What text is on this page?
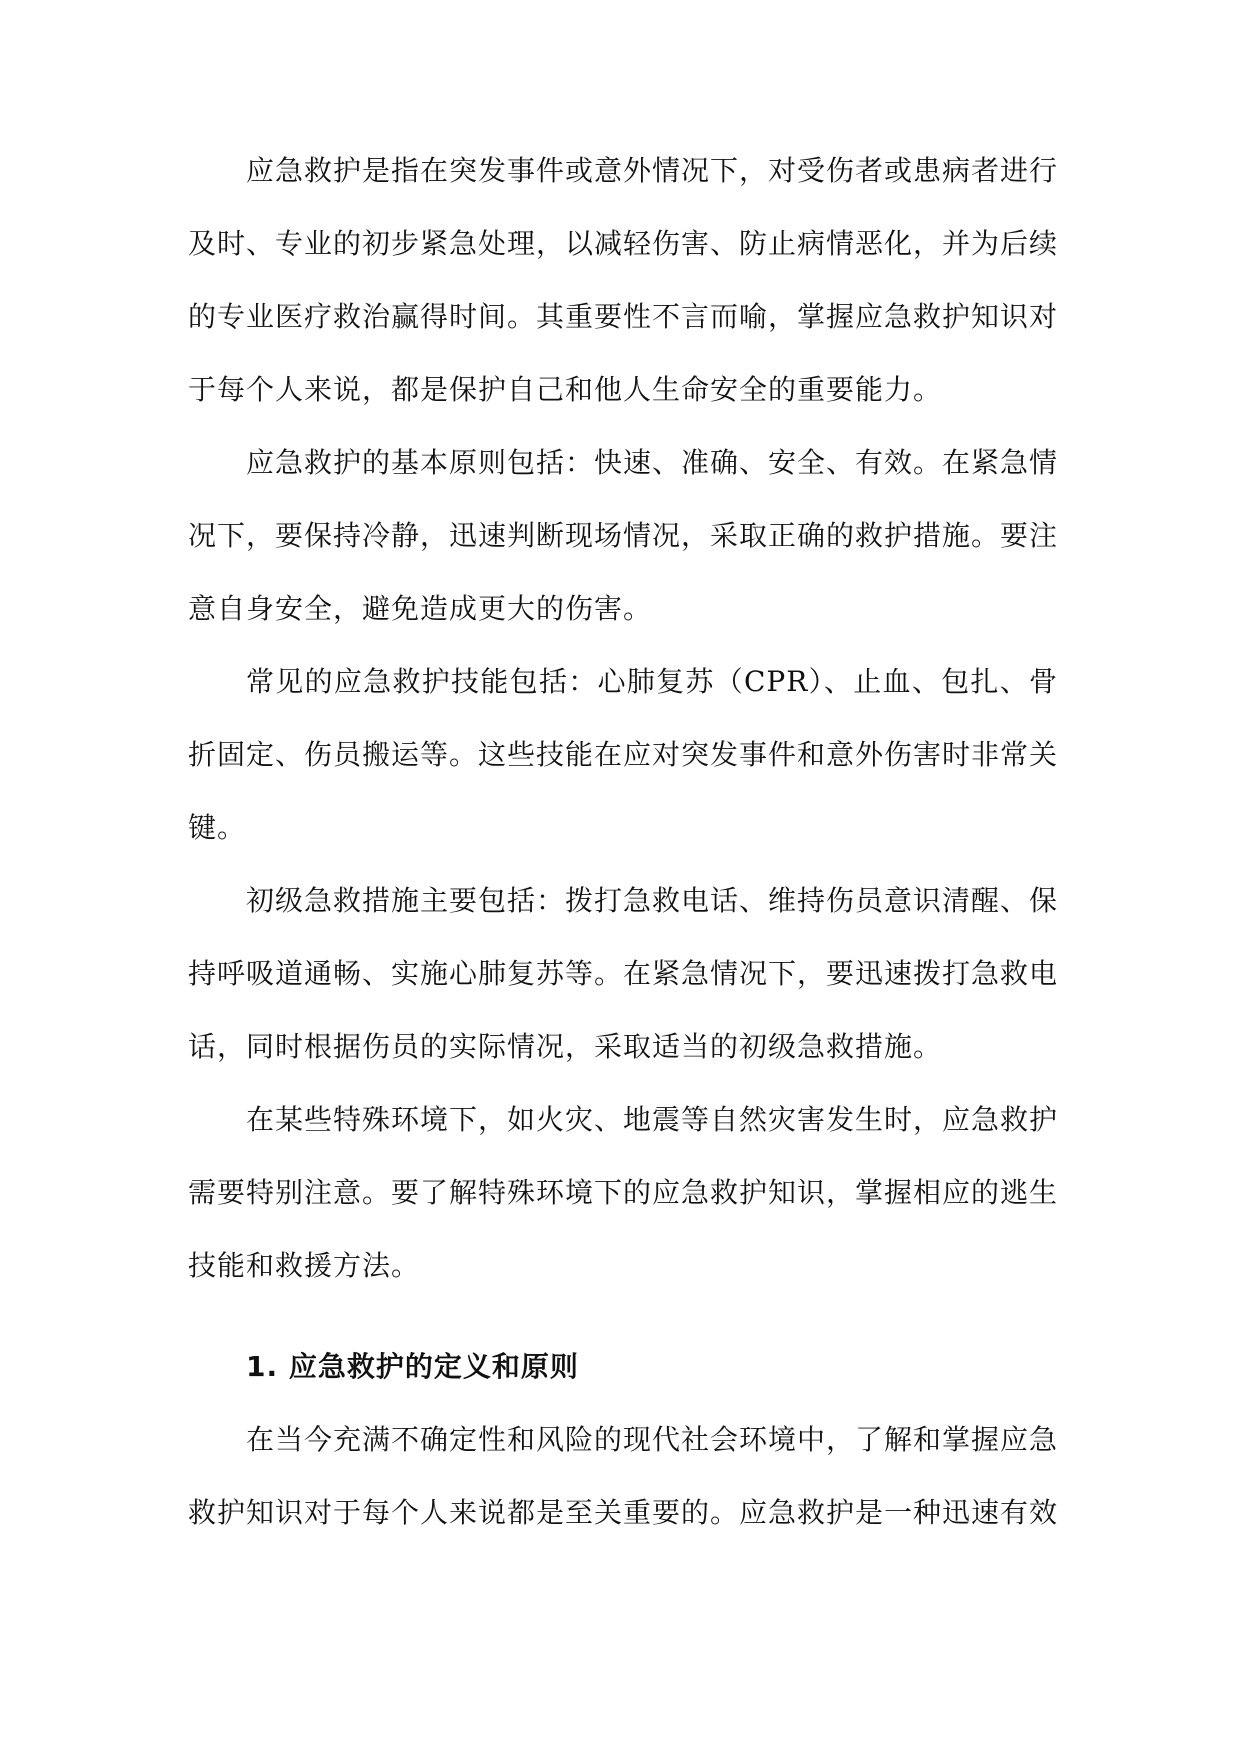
应急救护是指在突发事件或意外情况下，对受伤者或患病者进行及时、专业的初步紧急处理，以减轻伤害、防止病情恶化，并为后续的专业医疗救治赢得时间。其重要性不言而喻，掌握应急救护知识对于每个人来说，都是保护自己和他人生命安全的重要能力。

应急救护的基本原则包括：快速、准确、安全、有效。在紧急情况下，要保持冷静，迅速判断现场情况，采取正确的救护措施。要注意自身安全，避免造成更大的伤害。

常见的应急救护技能包括：心肺复苏（CPR）、止血、包扎、骨折固定、伤员搬运等。这些技能在应对突发事件和意外伤害时非常关键。

初级急救措施主要包括：拨打急救电话、维持伤员意识清醒、保持呼吸道通畅、实施心肺复苏等。在紧急情况下，要迅速拨打急救电话，同时根据伤员的实际情况，采取适当的初级急救措施。

在某些特殊环境下，如火灾、地震等自然灾害发生时，应急救护需要特别注意。要了解特殊环境下的应急救护知识，掌握相应的逃生技能和救援方法。

1. 应急救护的定义和原则

在当今充满不确定性和风险的现代社会环境中，了解和掌握应急救护知识对于每个人来说都是至关重要的。应急救护是一种迅速有效
